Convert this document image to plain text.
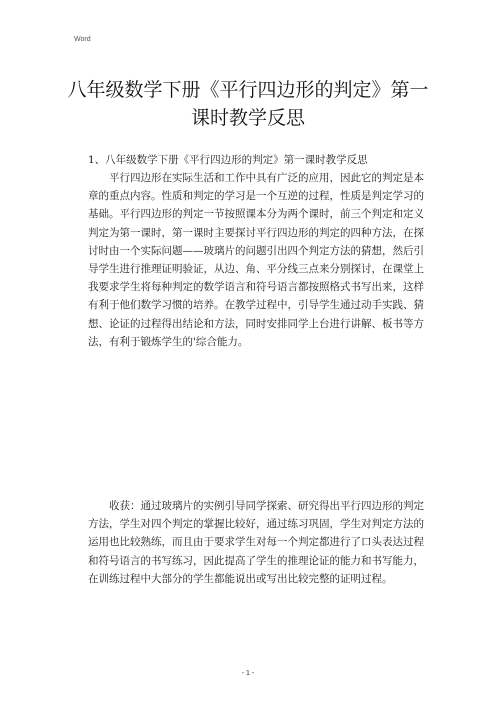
Word
八年级数学下册《平行四边形的判定》第一课时教学反思
1、八年级数学下册《平行四边形的判定》第一课时教学反思
平行四边形在实际生活和工作中具有广泛的应用，因此它的判定是本章的重点内容。性质和判定的学习是一个互逆的过程，性质是判定学习的基础。平行四边形的判定一节按照课本分为两个课时，前三个判定和定义判定为第一课时，第一课时主要探讨平行四边形的判定的四种方法，在探讨时由一个实际问题——玻璃片的问题引出四个判定方法的猜想，然后引导学生进行推理证明验证，从边、角、平分线三点来分别探讨，在课堂上我要求学生将每种判定的数学语言和符号语言都按照格式书写出来，这样有利于他们数学习惯的培养。在教学过程中，引导学生通过动手实践、猜想、论证的过程得出结论和方法，同时安排同学上台进行讲解、板书等方法，有利于锻炼学生的'综合能力。
收获：通过玻璃片的实例引导同学探索、研究得出平行四边形的判定方法，学生对四个判定的掌握比较好，通过练习巩固，学生对判定方法的运用也比较熟练，而且由于要求学生对每一个判定都进行了口头表达过程和符号语言的书写练习，因此提高了学生的推理论证的能力和书写能力，在训练过程中大部分的学生都能说出或写出比较完整的证明过程。
- 1 -
